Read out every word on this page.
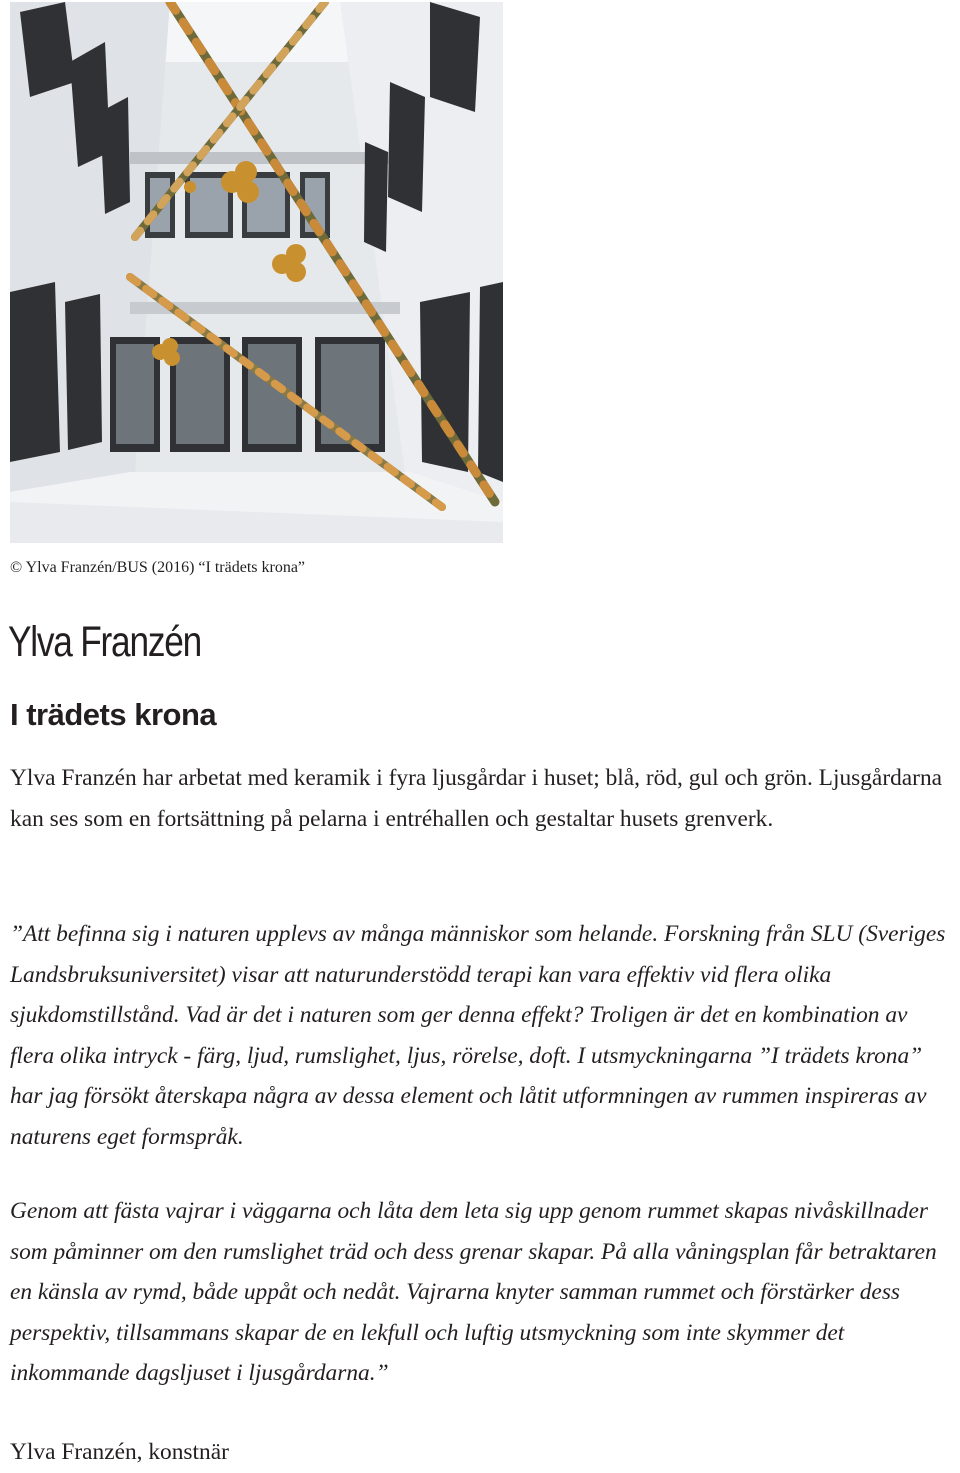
© Ylva Franzén/BUS (2016) “I trädets krona”
Ylva Franzén
I trädets krona

Ylva Franzén har arbetat med keramik i fyra ljusgårdar i huset; blå, röd, gul och grön. Ljusgårdarna kan ses som en fortsättning på pelarna i entréhallen och gestaltar husets grenverk.

”Att befinna sig i naturen upplevs av många människor som helande. Forskning från SLU (Sveriges Landsbruksuniversitet) visar att naturunderstödd terapi kan vara effektiv vid flera olika sjukdomstillstånd. Vad är det i naturen som ger denna effekt? Troligen är det en kombination av flera olika intryck - färg, ljud, rumslighet, ljus, rörelse, doft. I utsmyckningarna ”I trädets krona” har jag försökt återskapa några av dessa element och låtit utformningen av rummen inspireras av naturens eget formspråk.

Genom att fästa vajrar i väggarna och låta dem leta sig upp genom rummet skapas nivåskillnader som påminner om den rumslighet träd och dess grenar skapar. På alla våningsplan får betraktaren en känsla av rymd, både uppåt och nedåt. Vajrarna knyter samman rummet och förstärker dess perspektiv, tillsammans skapar de en lekfull och luftig utsmyckning som inte skymmer det inkommande dagsljuset i ljusgårdarna.”

Ylva Franzén, konstnär
